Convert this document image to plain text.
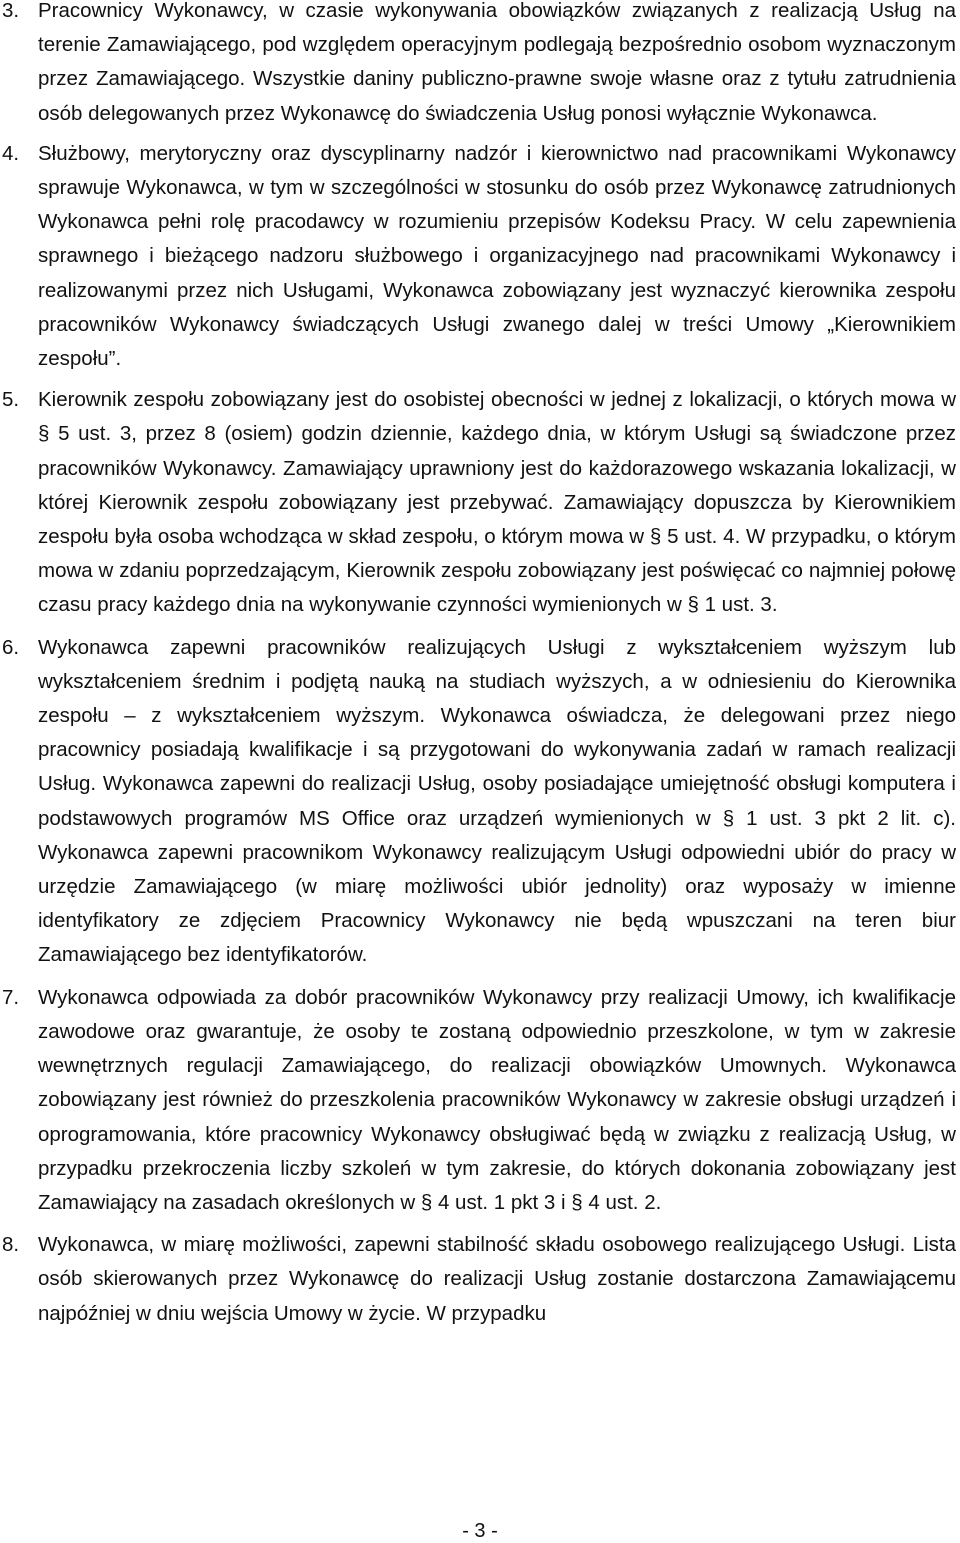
3. Pracownicy Wykonawcy, w czasie wykonywania obowiązków związanych z realizacją Usług na terenie Zamawiającego, pod względem operacyjnym podlegają bezpośrednio osobom wyznaczonym przez Zamawiającego. Wszystkie daniny publiczno-prawne swoje własne oraz z tytułu zatrudnienia osób delegowanych przez Wykonawcę do świadczenia Usług ponosi wyłącznie Wykonawca.

4. Służbowy, merytoryczny oraz dyscyplinarny nadzór i kierownictwo nad pracownikami Wykonawcy sprawuje Wykonawca, w tym w szczególności w stosunku do osób przez Wykonawcę zatrudnionych Wykonawca pełni rolę pracodawcy w rozumieniu przepisów Kodeksu Pracy. W celu zapewnienia sprawnego i bieżącego nadzoru służbowego i organizacyjnego nad pracownikami Wykonawcy i realizowanymi przez nich Usługami, Wykonawca zobowiązany jest wyznaczyć kierownika zespołu pracowników Wykonawcy świadczących Usługi zwanego dalej w treści Umowy „Kierownikiem zespołu”.

5. Kierownik zespołu zobowiązany jest do osobistej obecności w jednej z lokalizacji, o których mowa w § 5 ust. 3, przez 8 (osiem) godzin dziennie, każdego dnia, w którym Usługi są świadczone przez pracowników Wykonawcy. Zamawiający uprawniony jest do każdorazowego wskazania lokalizacji, w której Kierownik zespołu zobowiązany jest przebywać. Zamawiający dopuszcza by Kierownikiem zespołu była osoba wchodząca w skład zespołu, o którym mowa w § 5 ust. 4. W przypadku, o którym mowa w zdaniu poprzedzającym, Kierownik zespołu zobowiązany jest poświęcać co najmniej połowę czasu pracy każdego dnia na wykonywanie czynności wymienionych w § 1 ust. 3.

6. Wykonawca zapewni pracowników realizujących Usługi z wykształceniem wyższym lub wykształceniem średnim i podjętą nauką na studiach wyższych, a w odniesieniu do Kierownika zespołu – z wykształceniem wyższym. Wykonawca oświadcza, że delegowani przez niego pracownicy posiadają kwalifikacje i są przygotowani do wykonywania zadań w ramach realizacji Usług. Wykonawca zapewni do realizacji Usług, osoby posiadające umiejętność obsługi komputera i podstawowych programów MS Office oraz urządzeń wymienionych w § 1 ust. 3 pkt 2 lit. c). Wykonawca zapewni pracownikom Wykonawcy realizującym Usługi odpowiedni ubiór do pracy w urzędzie Zamawiającego (w miarę możliwości ubiór jednolity) oraz wyposaży w imienne identyfikatory ze zdjęciem Pracownicy Wykonawcy nie będą wpuszczani na teren biur Zamawiającego bez identyfikatorów.

7. Wykonawca odpowiada za dobór pracowników Wykonawcy przy realizacji Umowy, ich kwalifikacje zawodowe oraz gwarantuje, że osoby te zostaną odpowiednio przeszkolone, w tym w zakresie wewnętrznych regulacji Zamawiającego, do realizacji obowiązków Umownych. Wykonawca zobowiązany jest również do przeszkolenia pracowników Wykonawcy w zakresie obsługi urządzeń i oprogramowania, które pracownicy Wykonawcy obsługiwać będą w związku z realizacją Usług, w przypadku przekroczenia liczby szkoleń w tym zakresie, do których dokonania zobowiązany jest Zamawiający na zasadach określonych w § 4 ust. 1 pkt 3 i § 4 ust. 2.

8. Wykonawca, w miarę możliwości, zapewni stabilność składu osobowego realizującego Usługi. Lista osób skierowanych przez Wykonawcę do realizacji Usług zostanie dostarczona Zamawiającemu najpóźniej w dniu wejścia Umowy w życie. W przypadku

- 3 -
